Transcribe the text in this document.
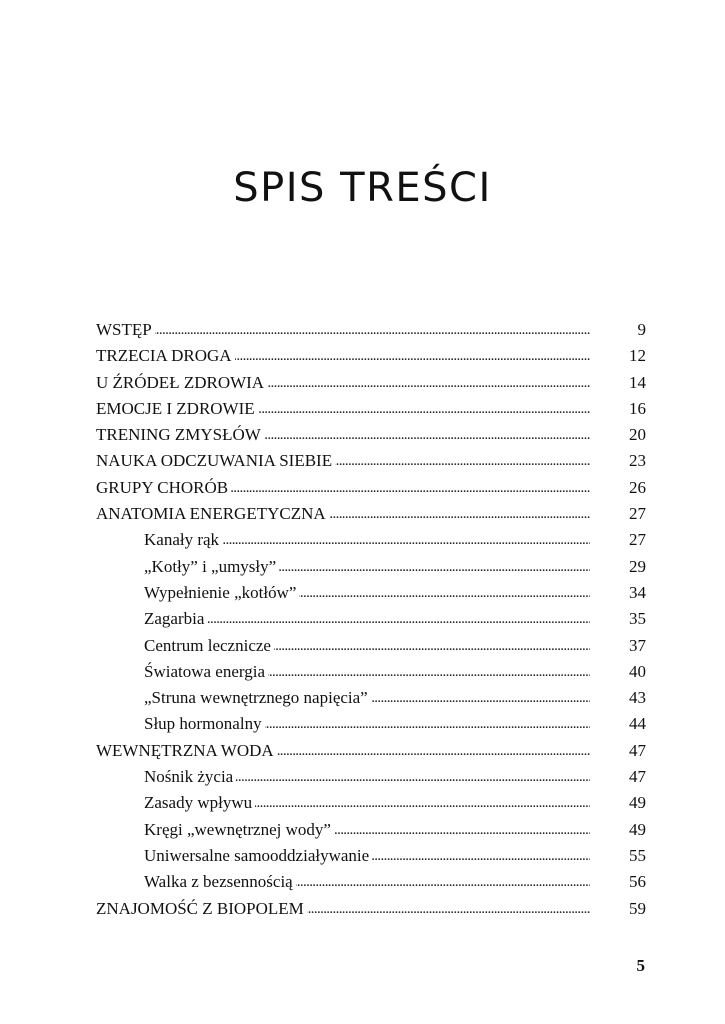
SPIS TREŚCI
WSTĘP . . .	9
TRZECIA DROGA . . .	12
U ŹRÓDEŁ ZDROWIA . . .	14
EMOCJE I ZDROWIE . . .	16
TRENING ZMYSŁÓW . . .	20
NAUKA ODCZUWANIA SIEBIE . . .	23
GRUPY CHORÓB . . .	26
ANATOMIA ENERGETYCZNA . . .	27
Kanały rąk . . .	27
„Kotły” i „umysły” . . .	29
Wypełnienie „kotłów” . . .	34
Zagarbia . . .	35
Centrum lecznicze . . .	37
Światowa energia . . .	40
„Struna wewnętrznego napięcia” . . .	43
Słup hormonalny . . .	44
WEWNĘTRZNA WODA . . .	47
Nośnik życia . . .	47
Zasady wpływu . . .	49
Kręgi „wewnętrznej wody” . . .	49
Uniwersalne samooddziaływanie . . .	55
Walka z bezsennością . . .	56
ZNAJOMOŚĆ Z BIOPOLEM . . .	59
5
